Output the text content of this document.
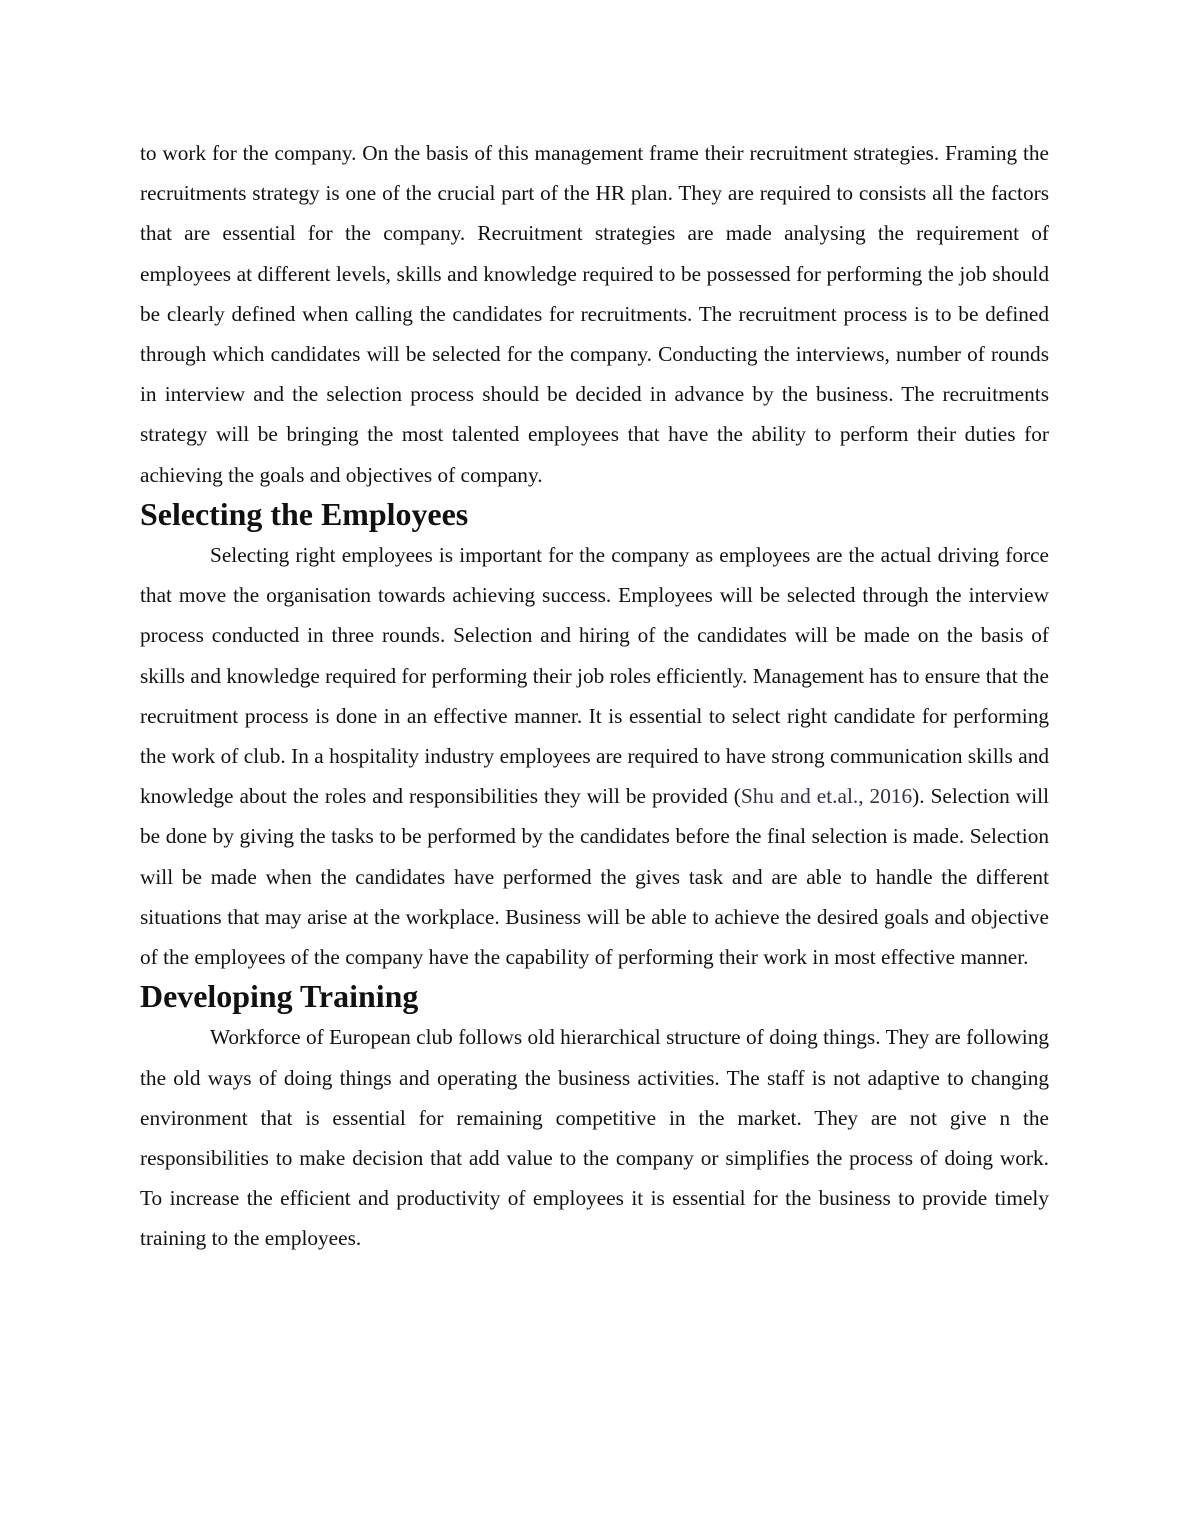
to work for the company. On the basis of this management frame their recruitment strategies. Framing the recruitments strategy is one of the crucial part of the HR plan. They are required to consists all the factors that are essential for the company. Recruitment strategies are made analysing the requirement of employees at different levels, skills and knowledge required to be possessed for performing the job should be clearly defined when calling the candidates for recruitments. The recruitment process is to be defined through which candidates will be selected for the company. Conducting the interviews, number of rounds in interview and the selection process should be decided in advance by the business. The recruitments strategy will be bringing the most talented employees that have the ability to perform their duties for achieving the goals and objectives of company.

Selecting the Employees

Selecting right employees is important for the company as employees are the actual driving force that move the organisation towards achieving success. Employees will be selected through the interview process conducted in three rounds. Selection and hiring of the candidates will be made on the basis of skills and knowledge required for performing their job roles efficiently. Management has to ensure that the recruitment process is done in an effective manner. It is essential to select right candidate for performing the work of club. In a hospitality industry employees are required to have strong communication skills and knowledge about the roles and responsibilities they will be provided (Shu and et.al., 2016). Selection will be done by giving the tasks to be performed by the candidates before the final selection is made. Selection will be made when the candidates have performed the gives task and are able to handle the different situations that may arise at the workplace. Business will be able to achieve the desired goals and objective of the employees of the company have the capability of performing their work in most effective manner.

Developing Training

Workforce of European club follows old hierarchical structure of doing things. They are following the old ways of doing things and operating the business activities. The staff is not adaptive to changing environment that is essential for remaining competitive in the market. They are not give n the responsibilities to make decision that add value to the company or simplifies the process of doing work. To increase the efficient and productivity of employees it is essential for the business to provide timely training to the employees.
